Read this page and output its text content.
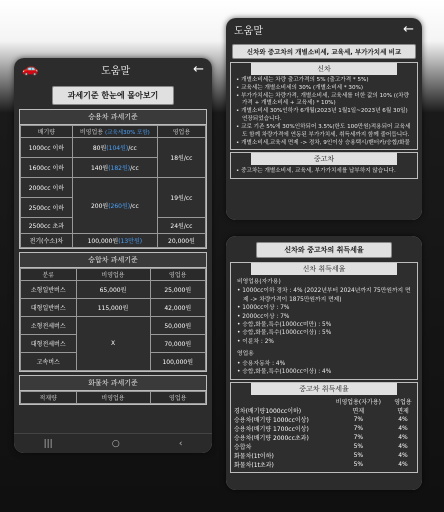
🚗	도움말	←
과세기준 한눈에 몰아보기
승용차 과세기준
배기량	비영업용 (교육세30% 포함)	영업용
1000cc 이하	80원(104원)/cc	18원/cc
1600cc 이하	140원(182원)/cc	
2000cc 이하	200원(260원)/cc	19원/cc
2500cc 이하		
2500cc 초과		24원/cc
전기(수소)차	100,000원(13만원)	20,000원
승합차 과세기준
분류	비영업용	영업용
소형일반버스	65,000원	25,000원
대형일반버스	115,000원	42,000원
소형전세버스	X	50,000원
대형전세버스		70,000원
고속버스		100,000원
화물차 과세기준
적재량	비영업용	영업용
|||	○	‹
도움말	←
신차와 중고차의 개별소비세, 교육세, 부가가치세 비교
신차
• 개별소비세는 차량 출고가격의 5% (출고가격 * 5%)
• 교육세는 개별소비세의 30% (개별소비세 * 30%)
• 부가가치세는 차량가격, 개별소비세, 교육세를 더한 값의 10% ((차량가격 + 개별소비세 + 교육세) * 10%)
• 개별소비세 30%인하가 6개월(2023년 1월1일~2023년 6월 30일)연장되었습니다.
• 교로 기존 5%에 30%인하되어 3.5%(한도 100만원)적용되어 교육세도 함께 차량가격에 연동된 부가가치세, 취득세까지 함께 줄어듭니다.
• 개별소비세,교육세 면제 -> 경차, 9인이상 승용택시/밴터카/승합/화물
중고차
• 중고차는 개별소비세, 교육세, 부가가치세를 납부하지 않습니다.
신차와 중고차의 취득세율
신차 취득세율
비영업용(자가용)
• 1000cc이하 경차 : 4% (2022년부터 2024년까지 75만원까지 면제 -> 차량가격이 1875만원까지 면제)
• 1000cc이상 : 7%
• 2000cc이상 : 7%
• 승합,화물,특수(1000cc미만) : 5%
• 승합,화물,특수(1000cc이상) : 5%
• 이륜차 : 2%
영업용
• 승용자동차 : 4%
• 승합,화물,특수(1000cc이상) : 4%
중고차 취득세율
	비영업용(자가용)	영업용
경차(배기량1000cc이하)	면제	면제
승용차(배기량 1000cc이상)	7%	4%
승용차(배기량 1700cc이상)	7%	4%
승용차(배기량 2000cc초과)	7%	4%
승합차	5%	4%
화물차(1t이하)	5%	4%
화물차(1t초과)	5%	4%
